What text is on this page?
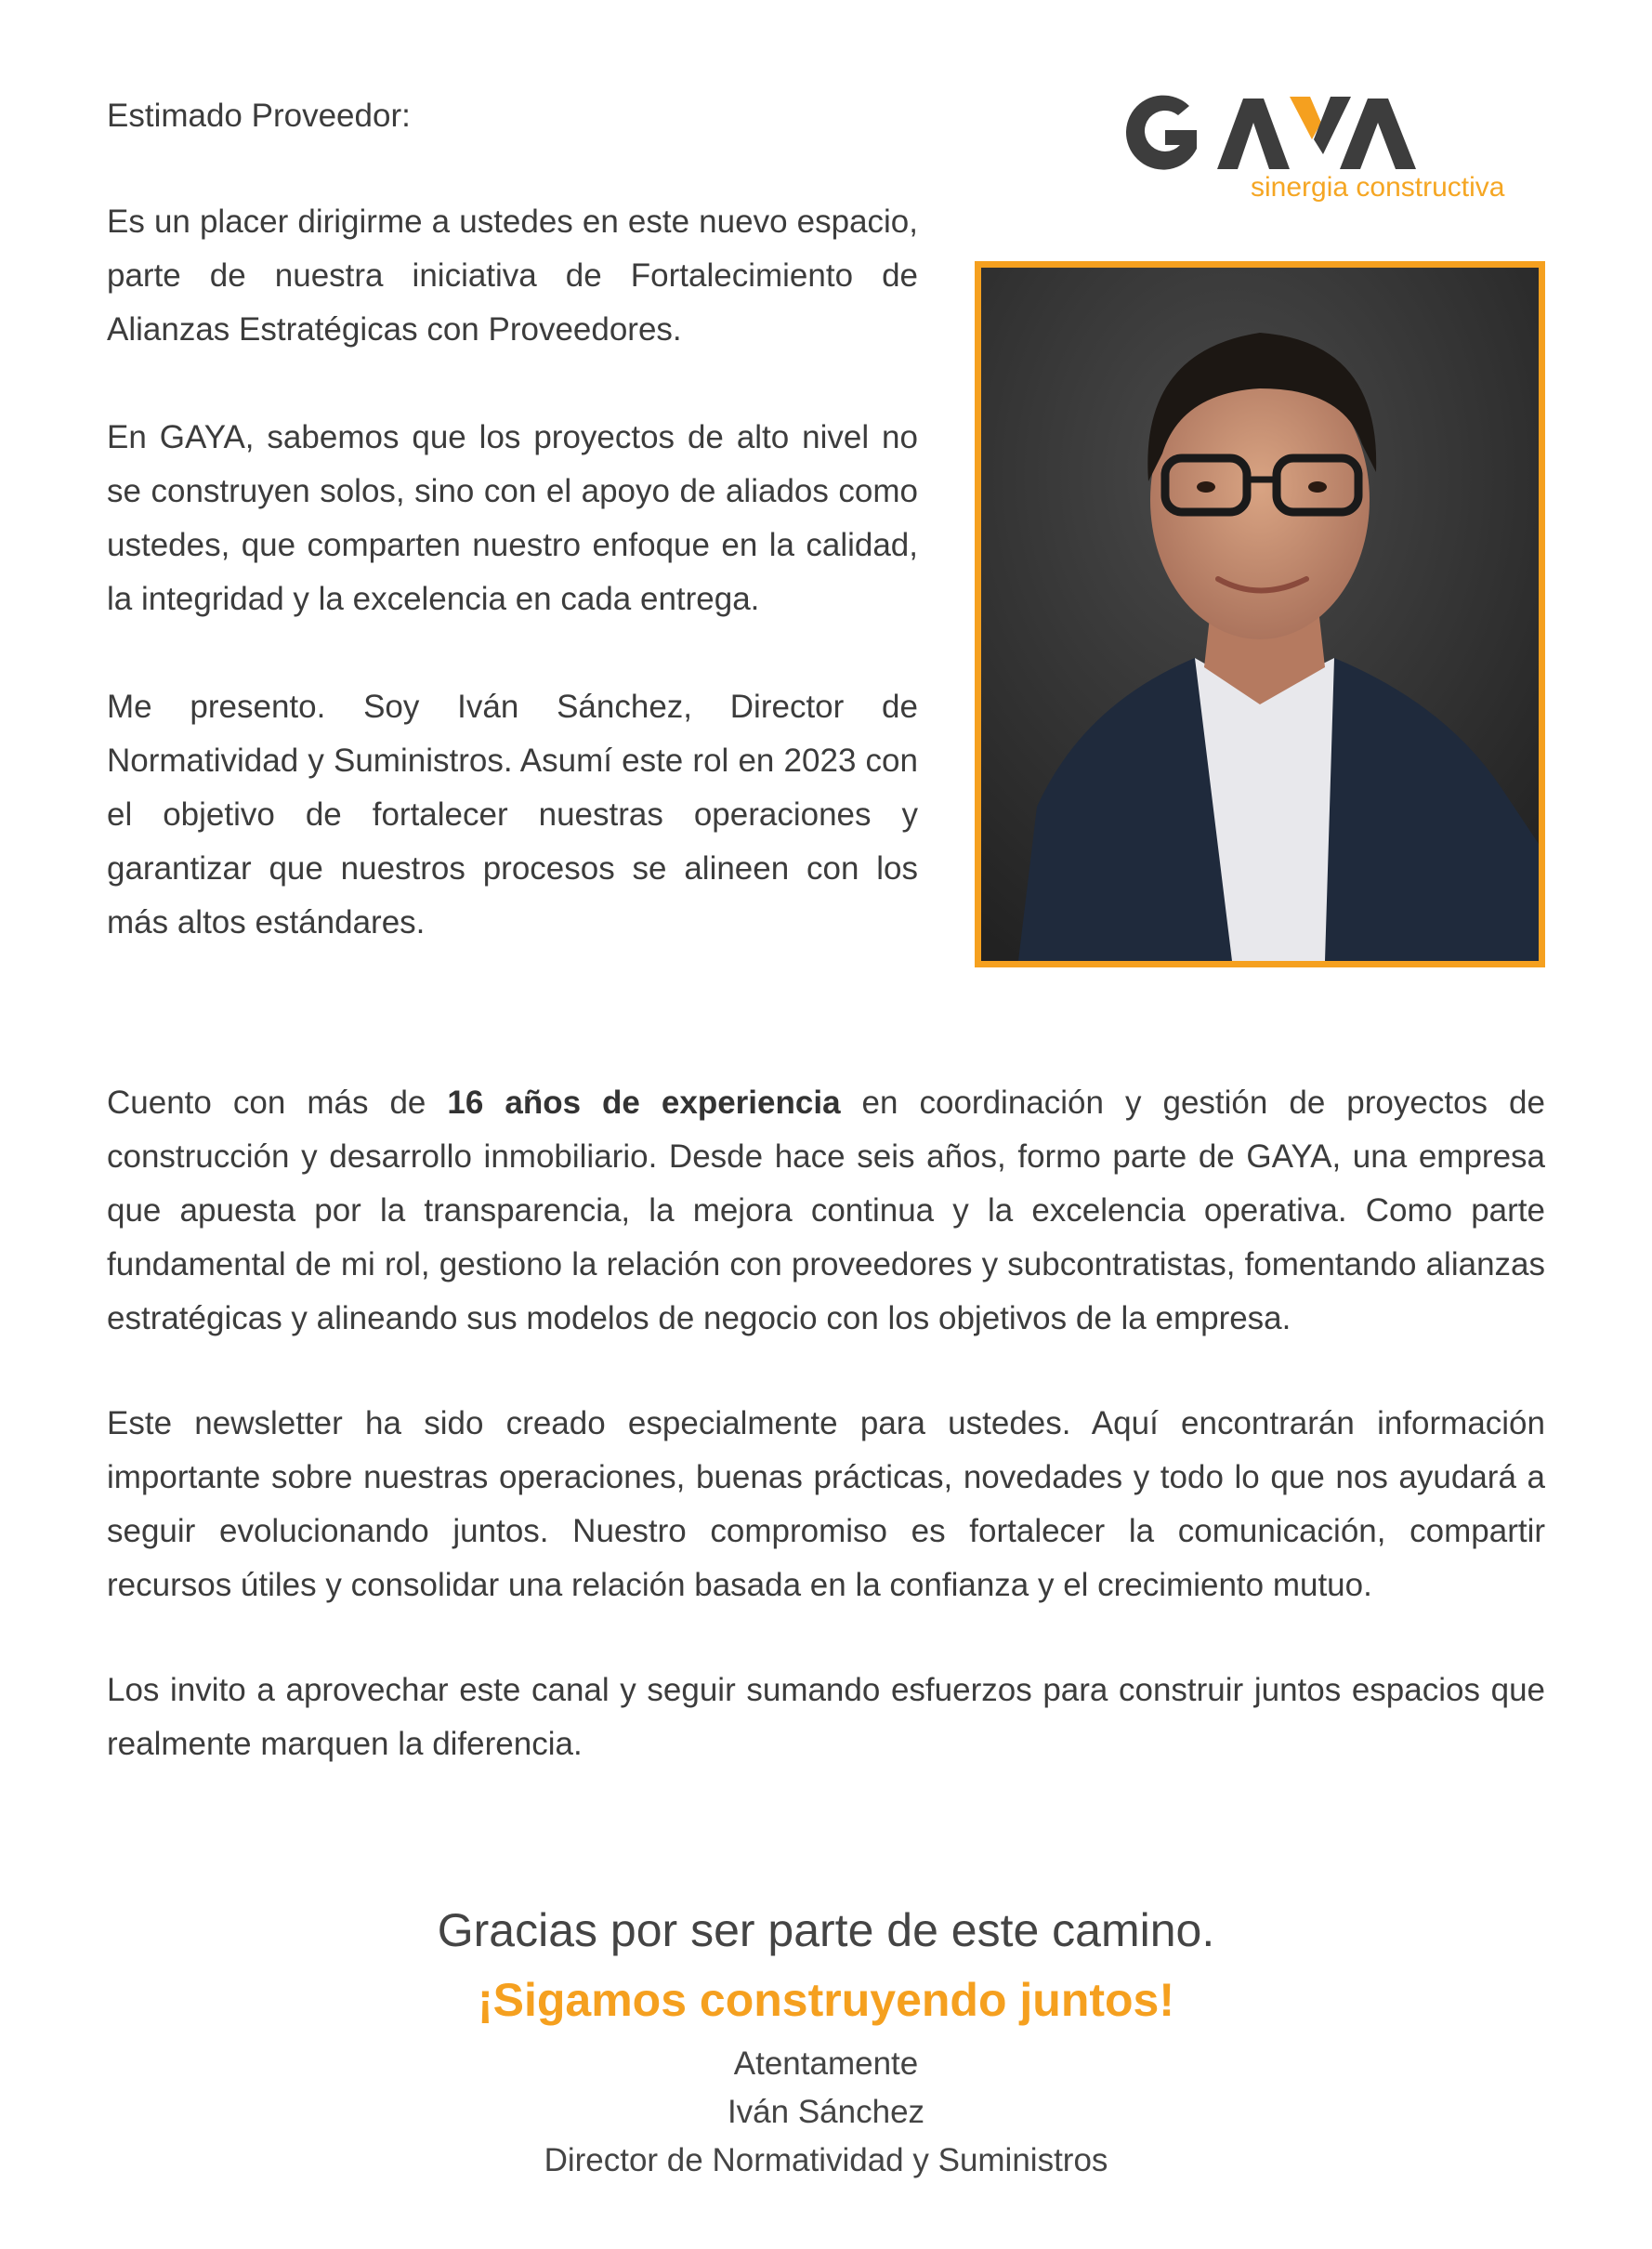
sinergia constructiva

Estimado Proveedor:

Es un placer dirigirme a ustedes en este nuevo espacio, parte de nuestra iniciativa de Fortalecimiento de Alianzas Estratégicas con Proveedores.

En GAYA, sabemos que los proyectos de alto nivel no se construyen solos, sino con el apoyo de aliados como ustedes, que comparten nuestro enfoque en la calidad, la integridad y la excelencia en cada entrega.

Me presento. Soy Iván Sánchez, Director de Normatividad y Suministros. Asumí este rol en 2023 con el objetivo de fortalecer nuestras operaciones y garantizar que nuestros procesos se alineen con los más altos estándares.

Cuento con más de 16 años de experiencia en coordinación y gestión de proyectos de construcción y desarrollo inmobiliario. Desde hace seis años, formo parte de GAYA, una empresa que apuesta por la transparencia, la mejora continua y la excelencia operativa. Como parte fundamental de mi rol, gestiono la relación con proveedores y subcontratistas, fomentando alianzas estratégicas y alineando sus modelos de negocio con los objetivos de la empresa.

Este newsletter ha sido creado especialmente para ustedes. Aquí encontrarán información importante sobre nuestras operaciones, buenas prácticas, novedades y todo lo que nos ayudará a seguir evolucionando juntos. Nuestro compromiso es fortalecer la comunicación, compartir recursos útiles y consolidar una relación basada en la confianza y el crecimiento mutuo.

Los invito a aprovechar este canal y seguir sumando esfuerzos para construir juntos espacios que realmente marquen la diferencia.

Gracias por ser parte de este camino.
¡Sigamos construyendo juntos!
Atentamente
Iván Sánchez
Director de Normatividad y Suministros
